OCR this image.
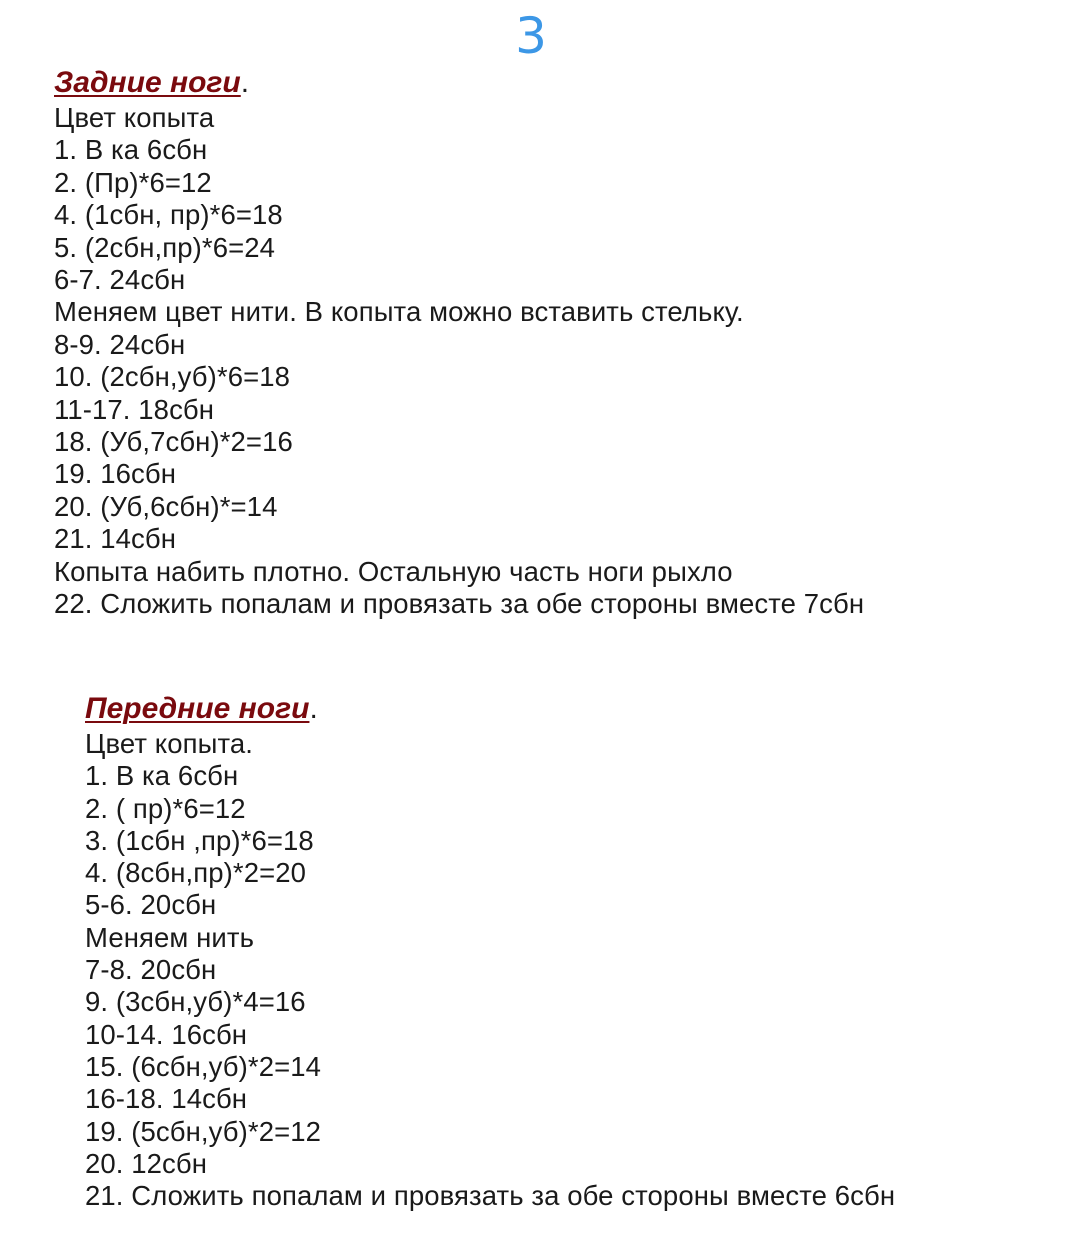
3
Задние ноги.
Цвет копыта
1. В ка 6сбн
2. (Пр)*6=12
4. (1сбн, пр)*6=18
5. (2сбн,пр)*6=24
6-7. 24сбн
Меняем цвет нити. В копыта можно вставить стельку.
8-9. 24сбн
10. (2сбн,уб)*6=18
11-17. 18сбн
18. (Уб,7сбн)*2=16
19. 16сбн
20. (Уб,6сбн)*=14
21. 14сбн
Копыта набить плотно. Остальную часть ноги рыхло
22. Сложить попалам и провязать за обе стороны вместе 7сбн
Передние ноги.
Цвет копыта.
1. В ка 6сбн
2. ( пр)*6=12
3. (1сбн ,пр)*6=18
4. (8сбн,пр)*2=20
5-6. 20сбн
Меняем нить
7-8. 20сбн
9. (3сбн,уб)*4=16
10-14. 16сбн
15. (6сбн,уб)*2=14
16-18. 14сбн
19. (5сбн,уб)*2=12
20. 12сбн
21. Сложить попалам и провязать за обе стороны вместе 6сбн
